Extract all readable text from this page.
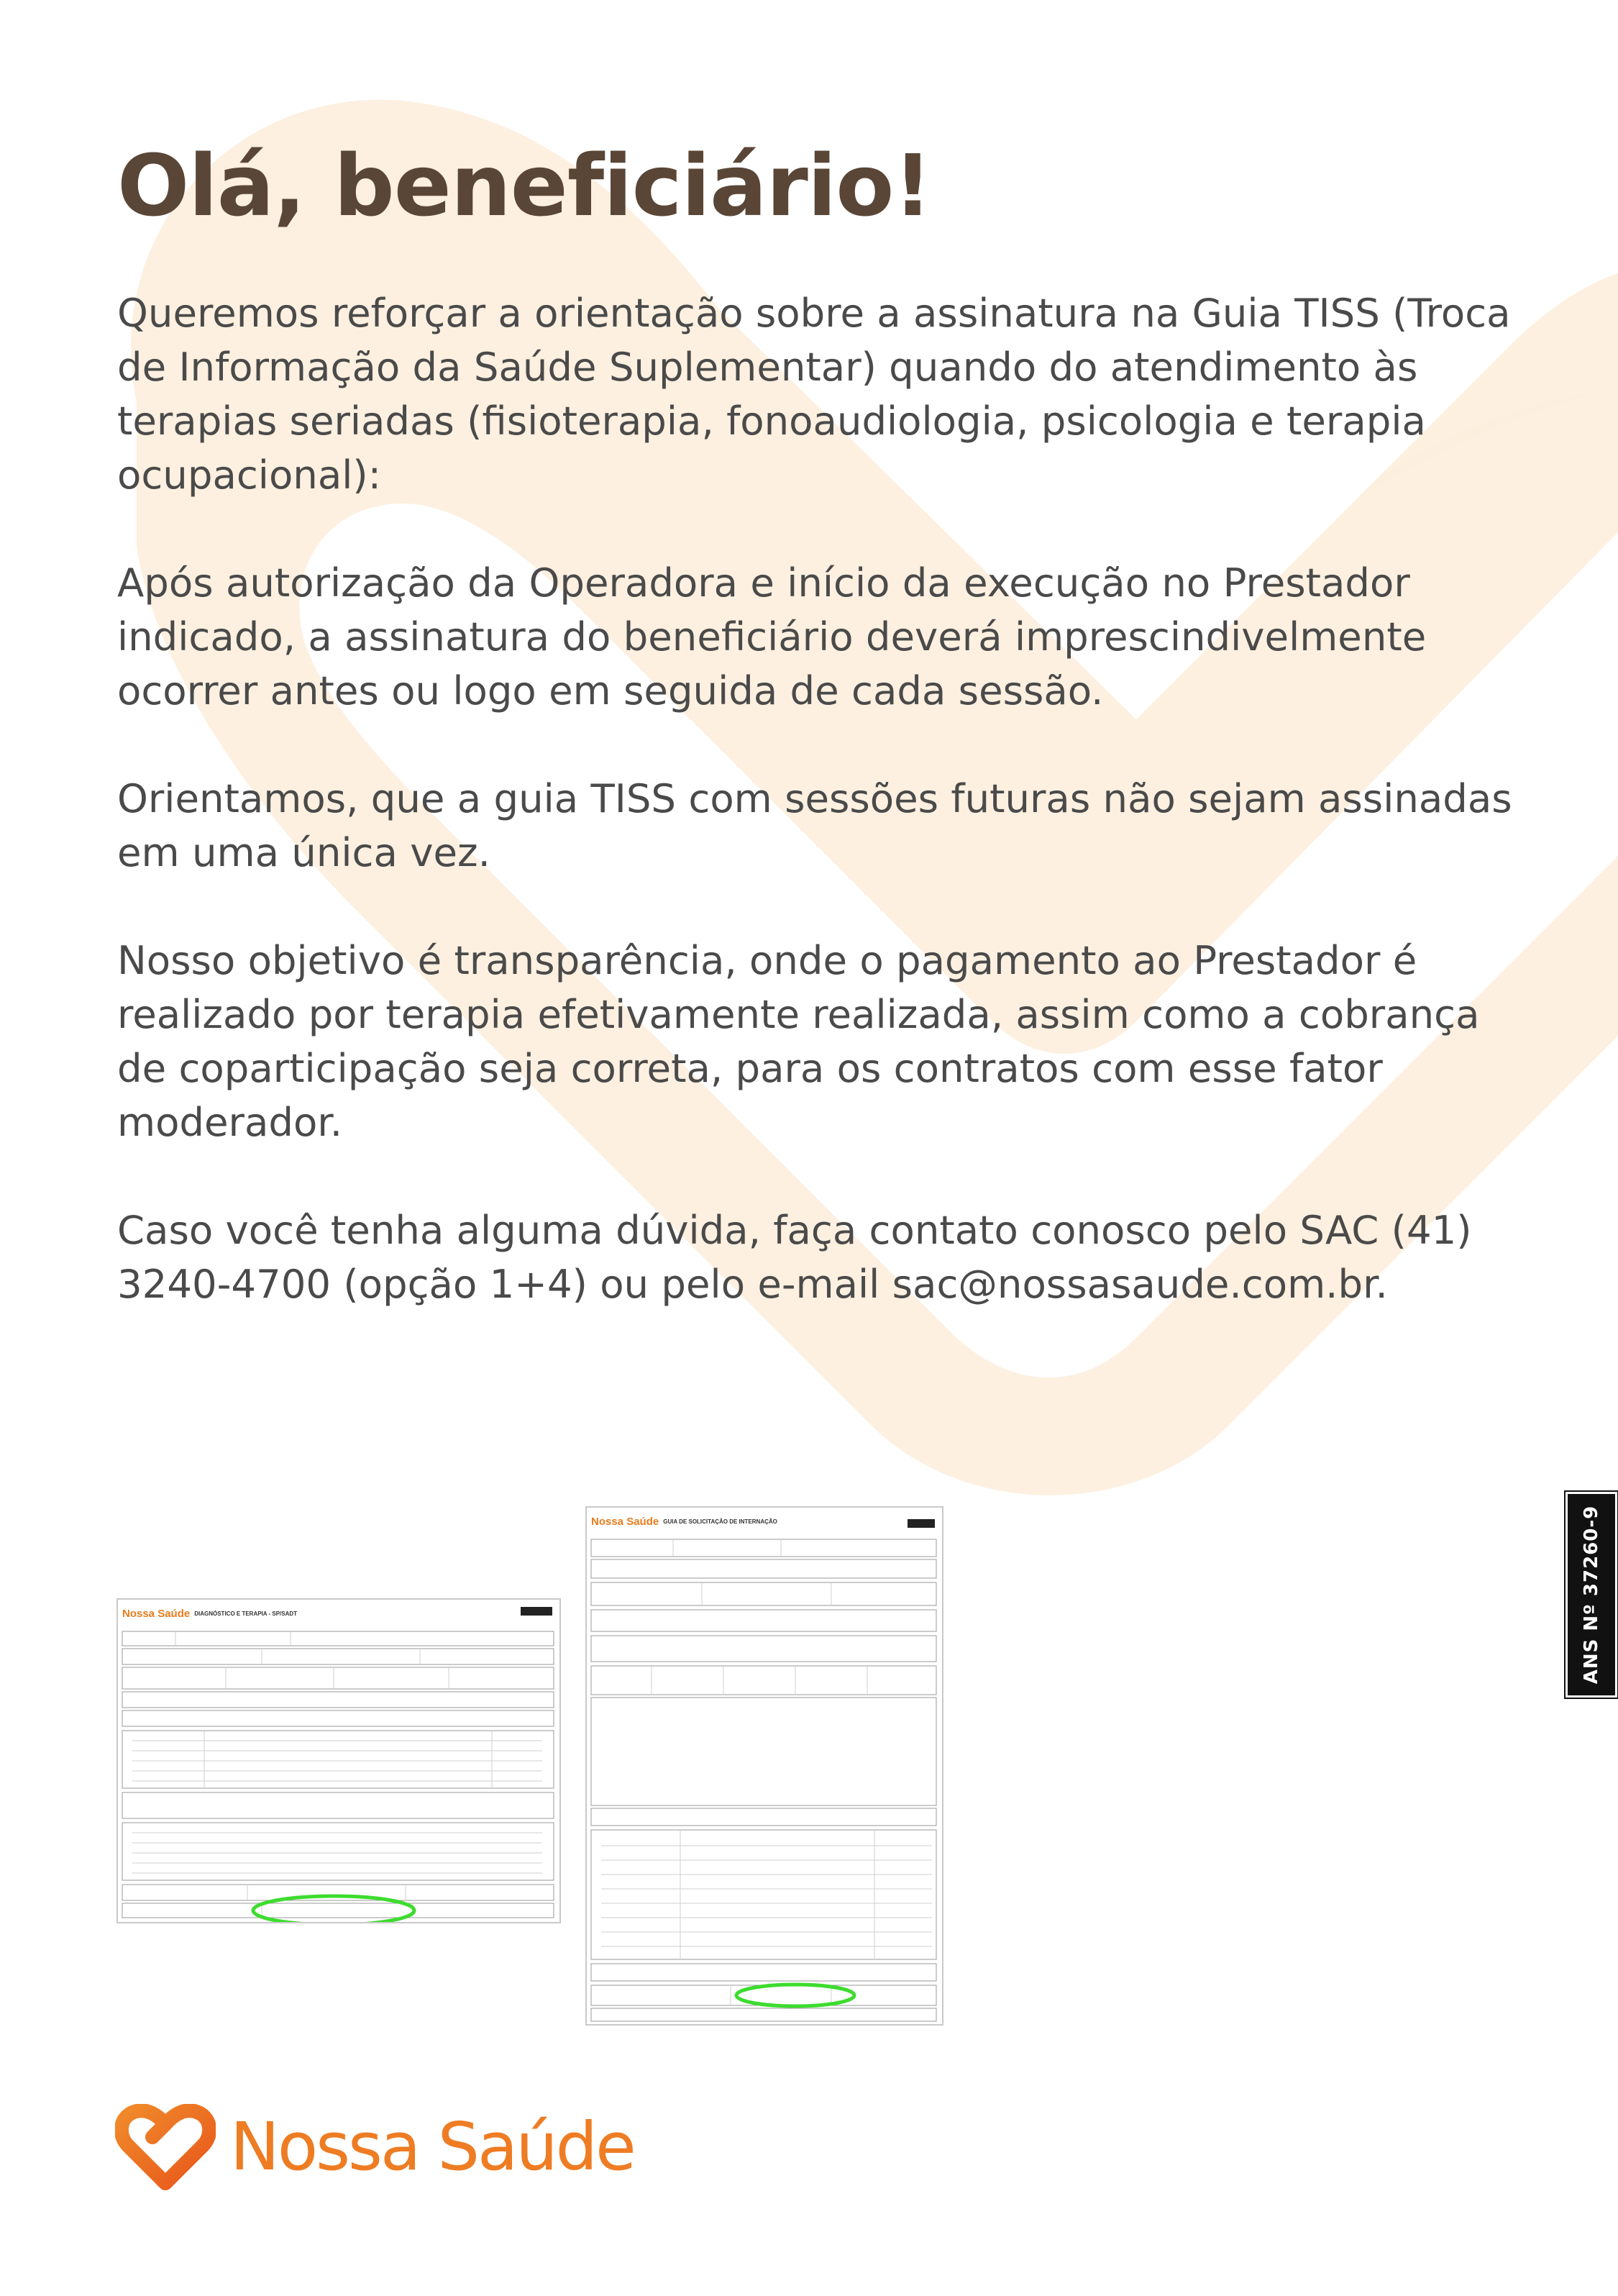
Olá, beneficiário!

Queremos reforçar a orientação sobre a assinatura na Guia TISS (Troca de Informação da Saúde Suplementar) quando do atendimento às terapias seriadas (fisioterapia, fonoaudiologia, psicologia e terapia ocupacional):

Após autorização da Operadora e início da execução no Prestador indicado, a assinatura do beneficiário deverá imprescindivelmente ocorrer antes ou logo em seguida de cada sessão.

Orientamos, que a guia TISS com sessões futuras não sejam assinadas em uma única vez.

Nosso objetivo é transparência, onde o pagamento ao Prestador é realizado por terapia efetivamente realizada, assim como a cobrança de coparticipação seja correta, para os contratos com esse fator moderador.

Caso você tenha alguma dúvida, faça contato conosco pelo SAC (41) 3240-4700 (opção 1+4) ou pelo e-mail sac@nossasaude.com.br.

Nossa Saúde DIAGNÓSTICO E TERAPIA - SP/SADT
Nossa Saúde GUIA DE SOLICITAÇÃO DE INTERNAÇÃO	ANS Nº 37260-9
Nossa Saúde
